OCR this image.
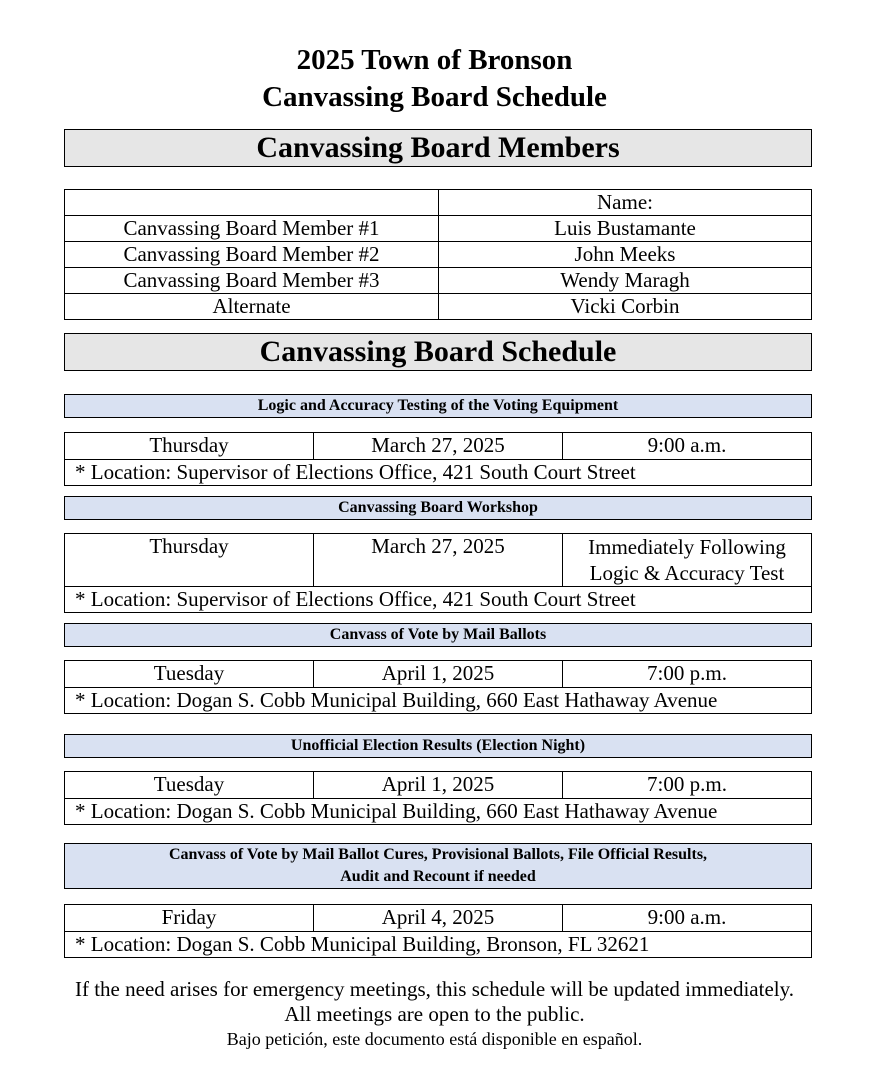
2025 Town of Bronson
Canvassing Board Schedule
Canvassing Board Members
	Name:
Canvassing Board Member #1	Luis Bustamante
Canvassing Board Member #2	John Meeks
Canvassing Board Member #3	Wendy Maragh
Alternate	Vicki Corbin
Canvassing Board Schedule
Logic and Accuracy Testing of the Voting Equipment
Thursday	March 27, 2025	9:00 a.m.
* Location: Supervisor of Elections Office, 421 South Court Street
Canvassing Board Workshop
Thursday	March 27, 2025	Immediately Following
Logic & Accuracy Test

* Location: Supervisor of Elections Office, 421 South Court Street
Canvass of Vote by Mail Ballots
Tuesday	April 1, 2025	7:00 p.m.
* Location: Dogan S. Cobb Municipal Building, 660 East Hathaway Avenue
Unofficial Election Results (Election Night)
Tuesday	April 1, 2025	7:00 p.m.
* Location: Dogan S. Cobb Municipal Building, 660 East Hathaway Avenue
Canvass of Vote by Mail Ballot Cures, Provisional Ballots, File Official Results,
Audit and Recount if needed
Friday	April 4, 2025	9:00 a.m.
* Location: Dogan S. Cobb Municipal Building, Bronson, FL 32621
If the need arises for emergency meetings, this schedule will be updated immediately.
All meetings are open to the public.
Bajo petición, este documento está disponible en español.
